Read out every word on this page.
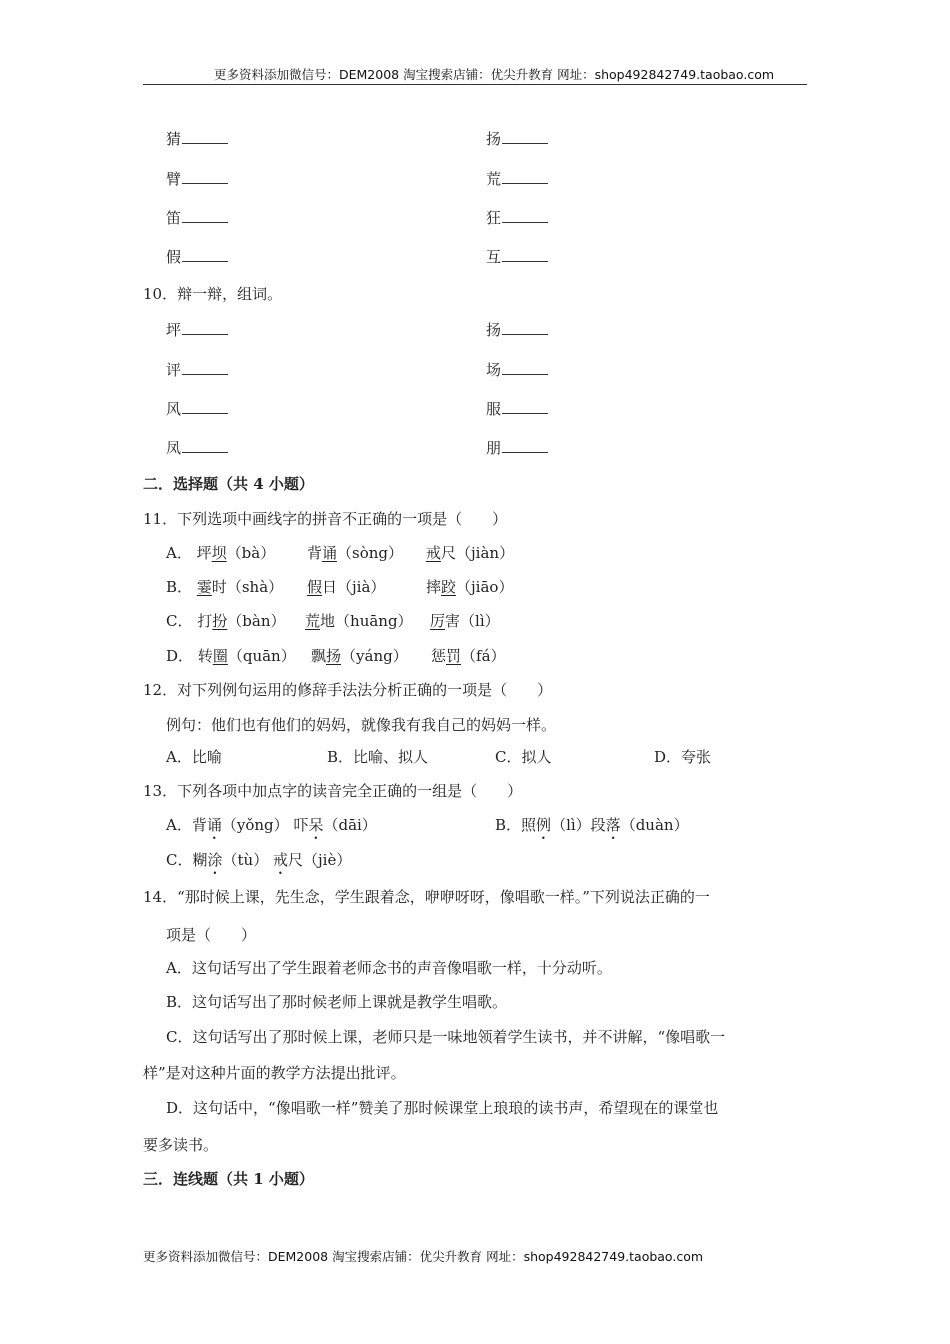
更多资料添加微信号：DEM2008 淘宝搜索店铺：优尖升教育 网址：shop492842749.taobao.com
猜	扬
臂	荒
笛	狂
假	互
10．辩一辩，组词。
坪	扬
评	场
风	服
凤	朋
二．选择题（共 4 小题）
11．下列选项中画线字的拼音不正确的一项是（　　）
A． 坪坝（bà） 背诵（sòng） 戒尺（jiàn）
B． 霎时（shà） 假日（jià）	摔跤（jiāo）
C． 打扮（bàn） 荒地（huāng） 厉害（lì）
D． 转圈（quān） 飘扬（yáng） 惩罚（fá）
12．对下列例句运用的修辞手法法分析正确的一项是（　　）
例句：他们也有他们的妈妈，就像我有我自己的妈妈一样。
A．比喻	B．比喻、拟人	C．拟人	D．夸张
13．下列各项中加点字的读音完全正确的一组是（　　）
A．背诵（yǒng） 吓呆（dāi）	B．照例（lì）段落（duàn）
C．糊涂（tù） 戒尺（jiè）
14．“那时候上课，先生念，学生跟着念，咿咿呀呀，像唱歌一样。”下列说法正确的一
项是（　　）
A．这句话写出了学生跟着老师念书的声音像唱歌一样，十分动听。
B．这句话写出了那时候老师上课就是教学生唱歌。
C．这句话写出了那时候上课，老师只是一味地领着学生读书，并不讲解，“像唱歌一
样”是对这种片面的教学方法提出批评。
D．这句话中，“像唱歌一样”赞美了那时候课堂上琅琅的读书声，希望现在的课堂也
要多读书。
三．连线题（共 1 小题）
更多资料添加微信号：DEM2008 淘宝搜索店铺：优尖升教育 网址：shop492842749.taobao.com
